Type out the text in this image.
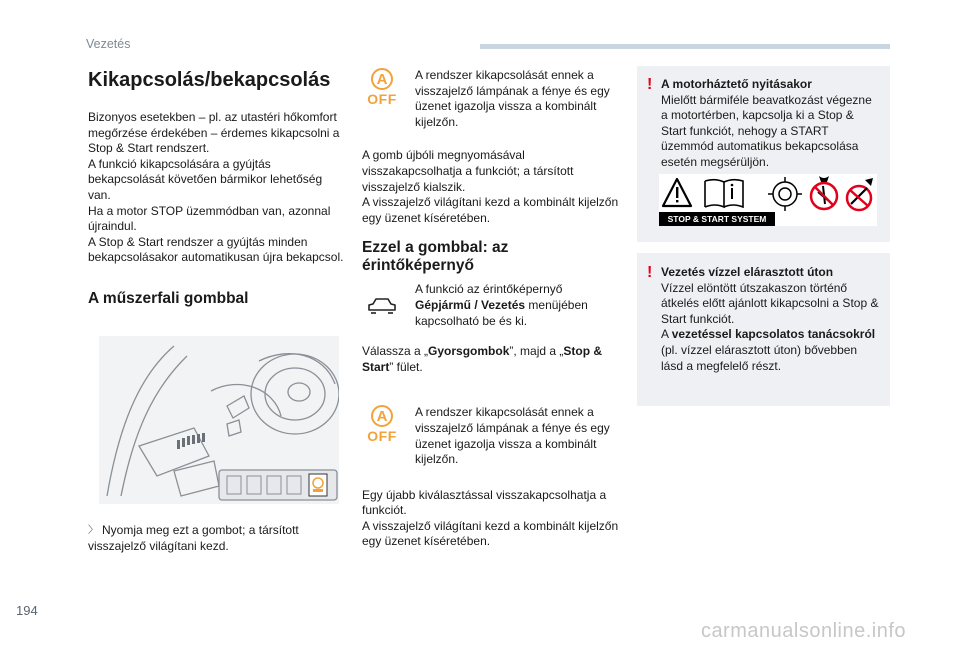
Vezetés
Kikapcsolás/bekapcsolás

Bizonyos esetekben – pl. az utastéri hőkomfort megőrzése érdekében – érdemes kikapcsolni a Stop & Start rendszert.

A funkció kikapcsolására a gyújtás bekapcsolását követően bármikor lehetőség van.

Ha a motor STOP üzemmódban van, azonnal újraindul.

A Stop & Start rendszer a gyújtás minden bekapcsolásakor automatikusan újra bekapcsol.

A műszerfali gombbal

〉 Nyomja meg ezt a gombot; a társított visszajelző világítani kezd.

A
OFF

A rendszer kikapcsolását ennek a visszajelző lámpának a fénye és egy üzenet igazolja vissza a kombinált kijelzőn.

A gomb újbóli megnyomásával visszakapcsolhatja a funkciót; a társított visszajelző kialszik.

A visszajelző világítani kezd a kombinált kijelzőn egy üzenet kíséretében.

Ezzel a gombbal: az érintőképernyő

A funkció az érintőképernyő Gépjármű / Vezetés menüjében kapcsolható be és ki.

Válassza a „Gyorsgombok”, majd a „Stop & Start” fület.

A
OFF

A rendszer kikapcsolását ennek a visszajelző lámpának a fénye és egy üzenet igazolja vissza a kombinált kijelzőn.

Egy újabb kiválasztással visszakapcsolhatja a funkciót.

A visszajelző világítani kezd a kombinált kijelzőn egy üzenet kíséretében.

! A motorháztető nyitásakor
Mielőtt bármiféle beavatkozást végezne a motortérben, kapcsolja ki a Stop & Start funkciót, nehogy a START üzemmód automatikus bekapcsolása esetén megsérüljön.

STOP & START SYSTEM
! Vezetés vízzel elárasztott úton
Vízzel elöntött útszakaszon történő átkelés előtt ajánlott kikapcsolni a Stop & Start funkciót.
A vezetéssel kapcsolatos tanácsokról (pl. vízzel elárasztott úton) bővebben lásd a megfelelő részt.

194
carmanualsonline.info
